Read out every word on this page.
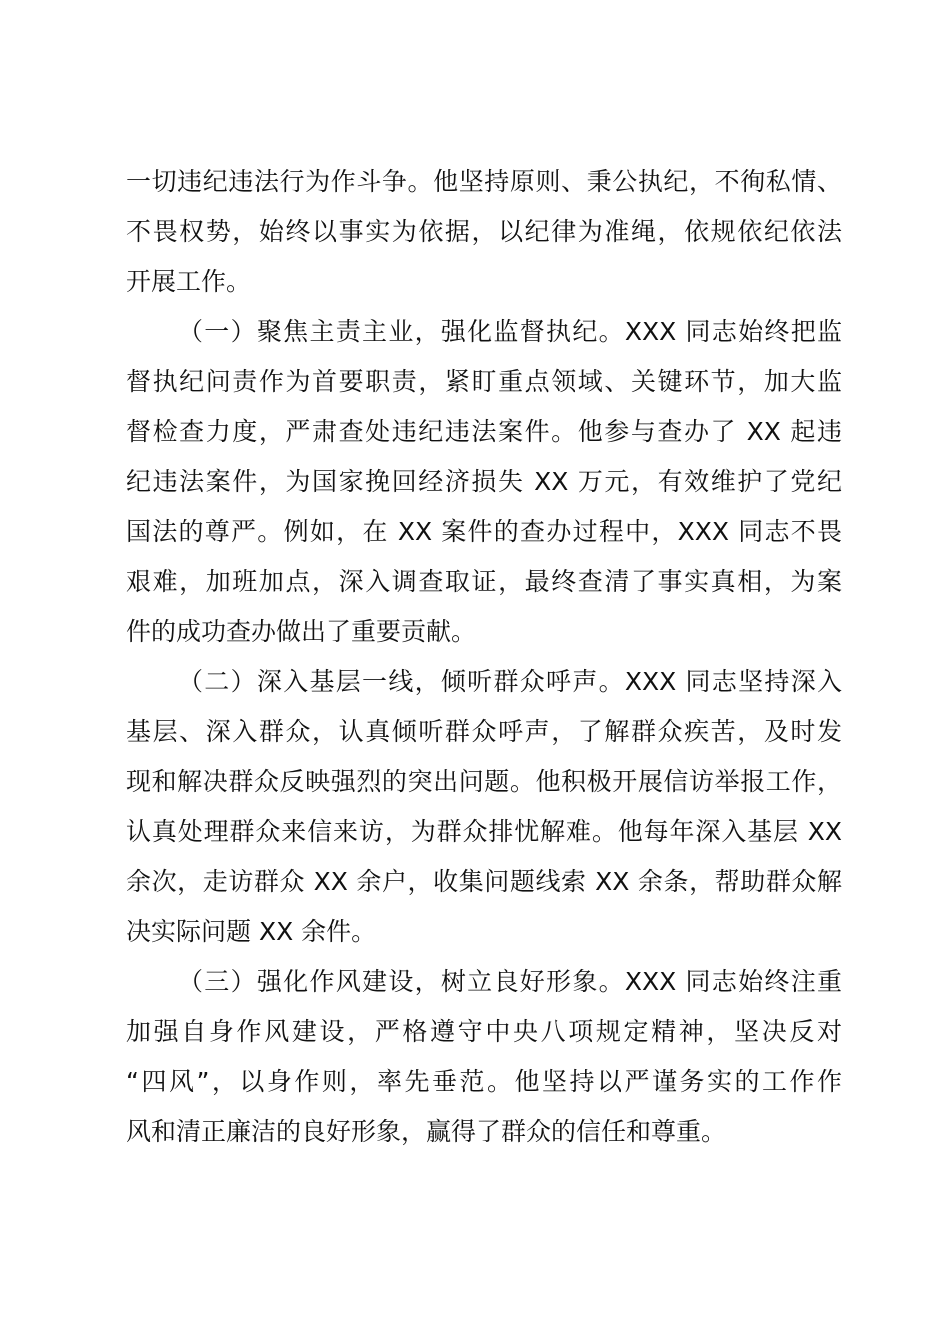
一切违纪违法行为作斗争。他坚持原则、秉公执纪，不徇私情、
不畏权势，始终以事实为依据，以纪律为准绳，依规依纪依法
开展工作。
（一）聚焦主责主业，强化监督执纪。XXX 同志始终把监
督执纪问责作为首要职责，紧盯重点领域、关键环节，加大监
督检查力度，严肃查处违纪违法案件。他参与查办了 XX 起违
纪违法案件，为国家挽回经济损失 XX 万元，有效维护了党纪
国法的尊严。例如，在 XX 案件的查办过程中，XXX 同志不畏
艰难，加班加点，深入调查取证，最终查清了事实真相，为案
件的成功查办做出了重要贡献。
（二）深入基层一线，倾听群众呼声。XXX 同志坚持深入
基层、深入群众，认真倾听群众呼声，了解群众疾苦，及时发
现和解决群众反映强烈的突出问题。他积极开展信访举报工作，
认真处理群众来信来访，为群众排忧解难。他每年深入基层 XX
余次，走访群众 XX 余户，收集问题线索 XX 余条，帮助群众解
决实际问题 XX 余件。
（三）强化作风建设，树立良好形象。XXX 同志始终注重
加强自身作风建设，严格遵守中央八项规定精神，坚决反对
“四风”，以身作则，率先垂范。他坚持以严谨务实的工作作
风和清正廉洁的良好形象，赢得了群众的信任和尊重。
